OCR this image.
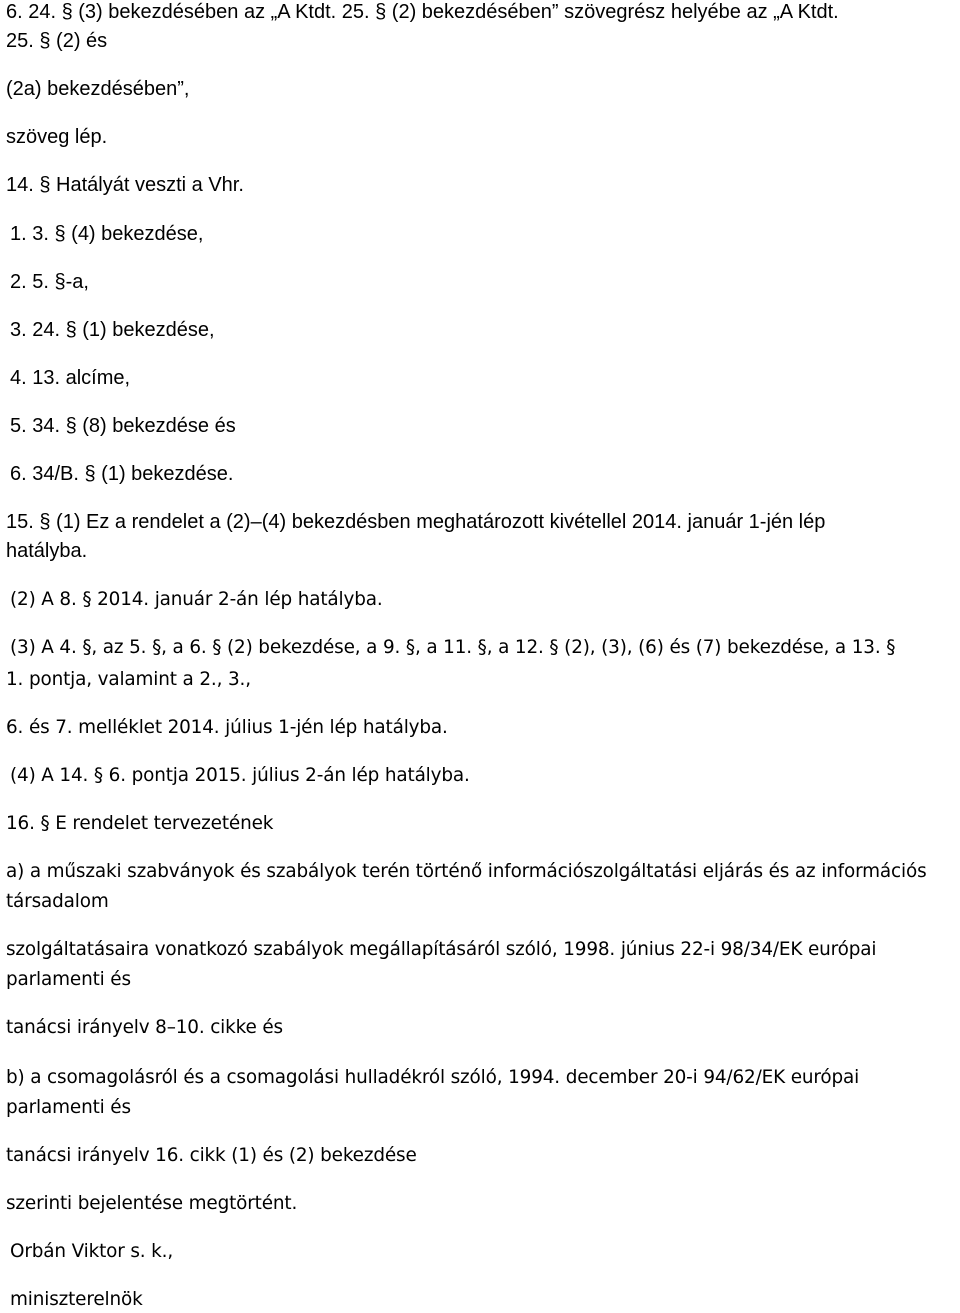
6. 24. § (3) bekezdésében az „A Ktdt. 25. § (2) bekezdésében” szövegrész helyébe az „A Ktdt.
25. § (2) és
(2a) bekezdésében”,
szöveg lép.
14. § Hatályát veszti a Vhr.
1. 3. § (4) bekezdése,
2. 5. §-a,
3. 24. § (1) bekezdése,
4. 13. alcíme,
5. 34. § (8) bekezdése és
6. 34/B. § (1) bekezdése.
15. § (1) Ez a rendelet a (2)–(4) bekezdésben meghatározott kivétellel 2014. január 1-jén lép
hatályba.
(2) A 8. § 2014. január 2-án lép hatályba.
(3) A 4. §, az 5. §, a 6. § (2) bekezdése, a 9. §, a 11. §, a 12. § (2), (3), (6) és (7) bekezdése, a 13. §
1. pontja, valamint a 2., 3.,
6. és 7. melléklet 2014. július 1-jén lép hatályba.
(4) A 14. § 6. pontja 2015. július 2-án lép hatályba.
16. § E rendelet tervezetének
a) a műszaki szabványok és szabályok terén történő információszolgáltatási eljárás és az információs
társadalom
szolgáltatásaira vonatkozó szabályok megállapításáról szóló, 1998. június 22-i 98/34/EK európai
parlamenti és
tanácsi irányelv 8–10. cikke és
b) a csomagolásról és a csomagolási hulladékról szóló, 1994. december 20-i 94/62/EK európai
parlamenti és
tanácsi irányelv 16. cikk (1) és (2) bekezdése
szerinti bejelentése megtörtént.
Orbán Viktor s. k.,
miniszterelnök
